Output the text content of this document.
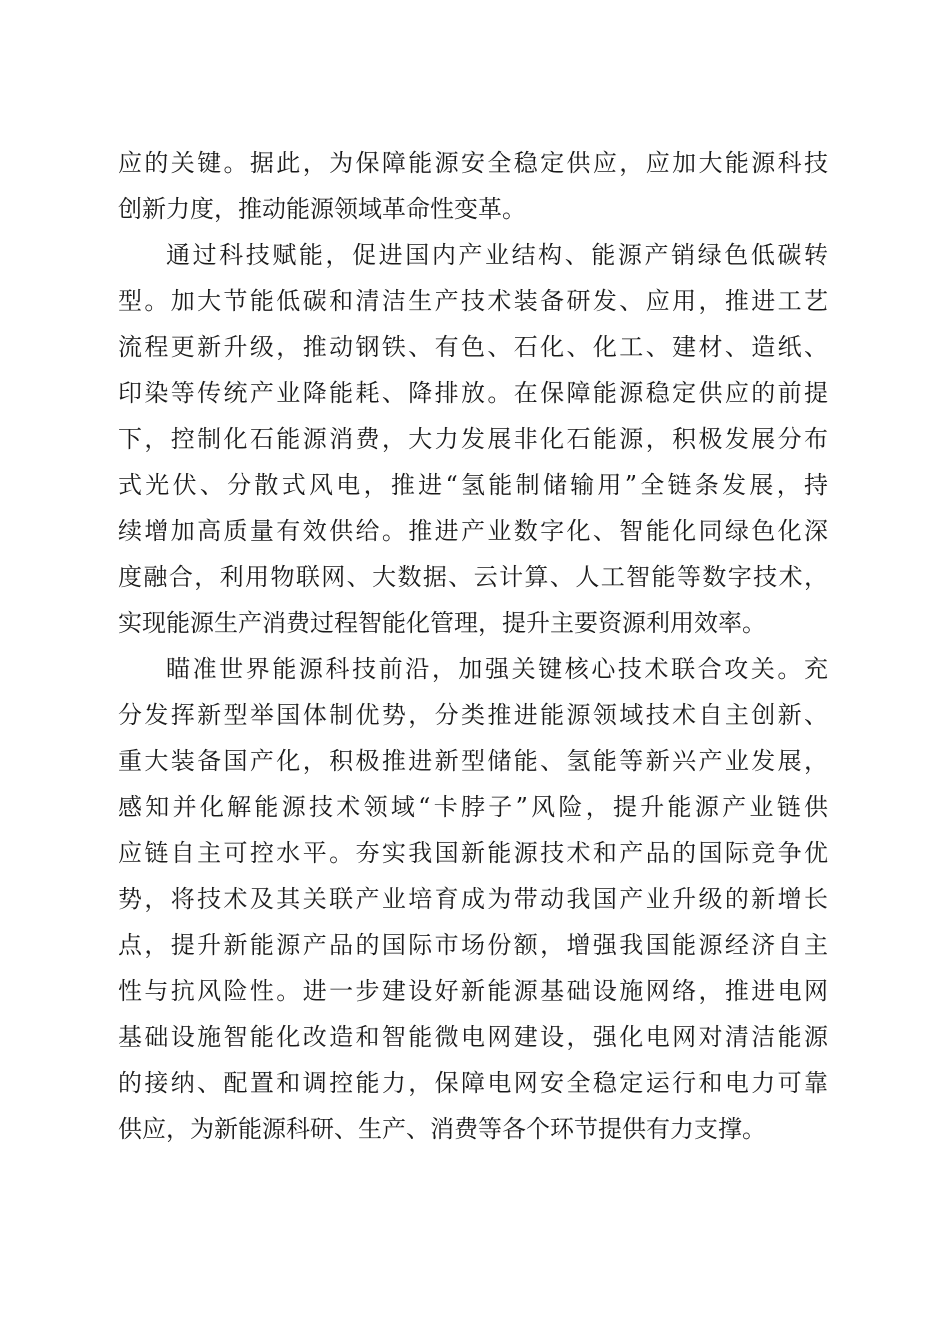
应的关键。据此，为保障能源安全稳定供应，应加大能源科技
创新力度，推动能源领域革命性变革。
通过科技赋能，促进国内产业结构、能源产销绿色低碳转
型。加大节能低碳和清洁生产技术装备研发、应用，推进工艺
流程更新升级，推动钢铁、有色、石化、化工、建材、造纸、
印染等传统产业降能耗、降排放。在保障能源稳定供应的前提
下，控制化石能源消费，大力发展非化石能源，积极发展分布
式光伏、分散式风电，推进“氢能制储输用”全链条发展，持
续增加高质量有效供给。推进产业数字化、智能化同绿色化深
度融合，利用物联网、大数据、云计算、人工智能等数字技术，
实现能源生产消费过程智能化管理，提升主要资源利用效率。
瞄准世界能源科技前沿，加强关键核心技术联合攻关。充
分发挥新型举国体制优势，分类推进能源领域技术自主创新、
重大装备国产化，积极推进新型储能、氢能等新兴产业发展，
感知并化解能源技术领域“卡脖子”风险，提升能源产业链供
应链自主可控水平。夯实我国新能源技术和产品的国际竞争优
势，将技术及其关联产业培育成为带动我国产业升级的新增长
点，提升新能源产品的国际市场份额，增强我国能源经济自主
性与抗风险性。进一步建设好新能源基础设施网络，推进电网
基础设施智能化改造和智能微电网建设，强化电网对清洁能源
的接纳、配置和调控能力，保障电网安全稳定运行和电力可靠
供应，为新能源科研、生产、消费等各个环节提供有力支撑。
